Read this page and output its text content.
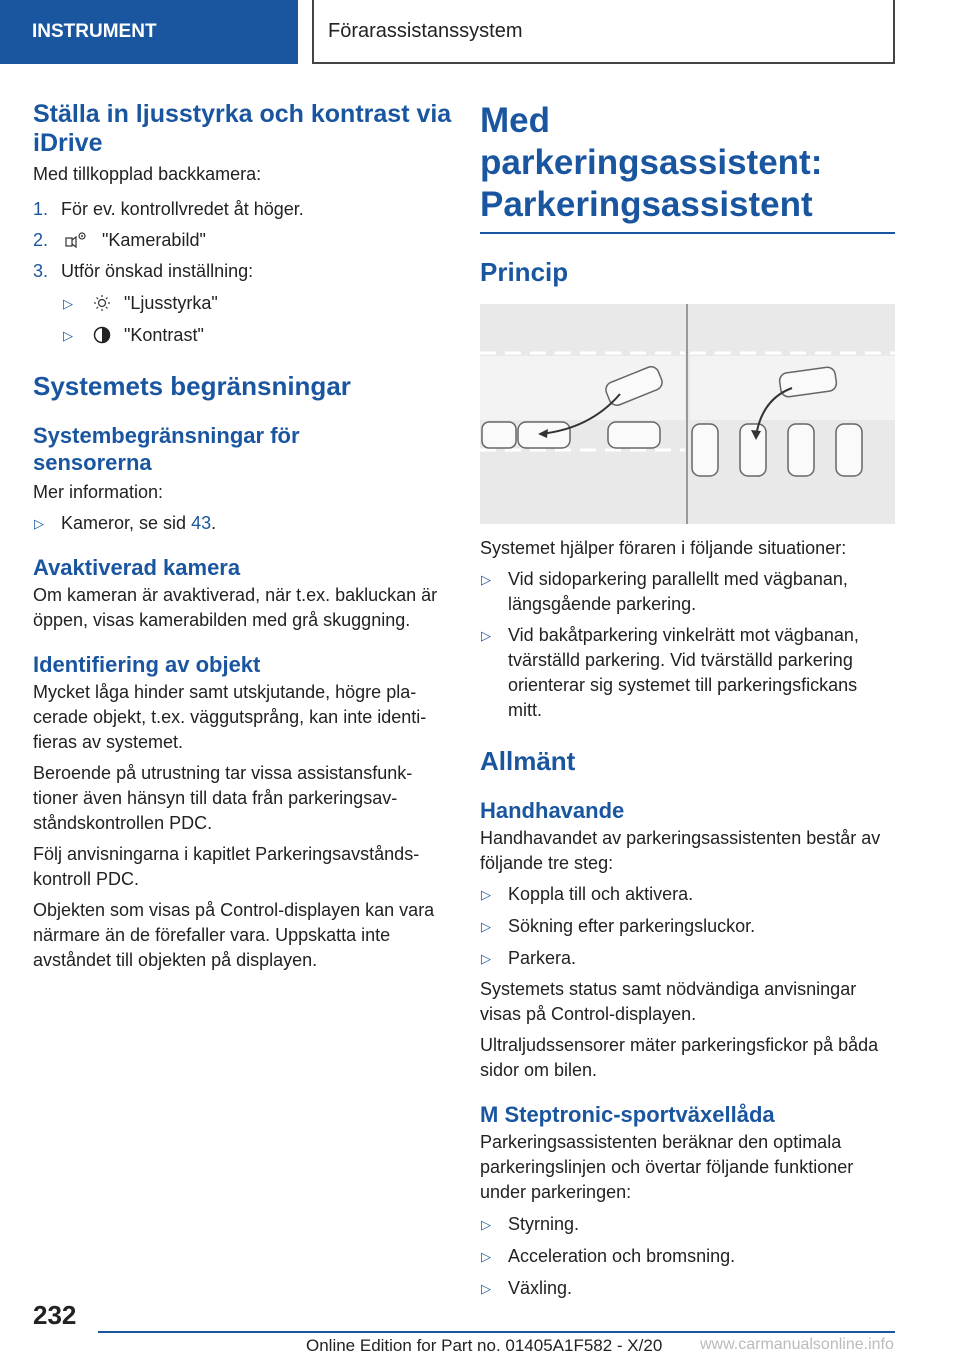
INSTRUMENT	Förarassistanssystem
Ställa in ljusstyrka och kontrast via iDrive

Med tillkopplad backkamera:

1. För ev. kontrollvredet åt höger.
2.	"Kamerabild"
3. Utför önskad inställning:
▷	"Ljusstyrka"
▷	"Kontrast"
Systemets begränsningar
Systembegränsningar för sensorerna

Mer information:

▷ Kameror, se sid 43.
Avaktiverad kamera

Om kameran är avaktiverad, när t.ex. bakluckan är öppen, visas kamerabilden med grå skuggning.

Identifiering av objekt

Mycket låga hinder samt utskjutande, högre pla-cerade objekt, t.ex. väggutsprång, kan inte identi-fieras av systemet.

Beroende på utrustning tar vissa assistansfunk-tioner även hänsyn till data från parkeringsav-ståndskontrollen PDC.

Följ anvisningarna i kapitlet Parkeringsavstånds-kontroll PDC.

Objekten som visas på Control-displayen kan vara närmare än de förefaller vara. Uppskatta inte avståndet till objekten på displayen.

Med parkeringsassistent: Parkeringsassistent
Princip

Systemet hjälper föraren i följande situationer:

▷ Vid sidoparkering parallellt med vägbanan, längsgående parkering.
▷ Vid bakåtparkering vinkelrätt mot vägbanan, tvärställd parkering. Vid tvärställd parkering orienterar sig systemet till parkeringsfickans mitt.
Allmänt
Handhavande

Handhavandet av parkeringsassistenten består av följande tre steg:

▷ Koppla till och aktivera.
▷ Sökning efter parkeringsluckor.
▷ Parkera.

Systemets status samt nödvändiga anvisningar visas på Control-displayen.

Ultraljudssensorer mäter parkeringsfickor på båda sidor om bilen.

M Steptronic-sportväxellåda

Parkeringsassistenten beräknar den optimala parkeringslinjen och övertar följande funktioner under parkeringen:

▷ Styrning.
▷ Acceleration och bromsning.
▷ Växling.
232
Online Edition for Part no. 01405A1F582 - X/20 www.carmanualsonline.info
